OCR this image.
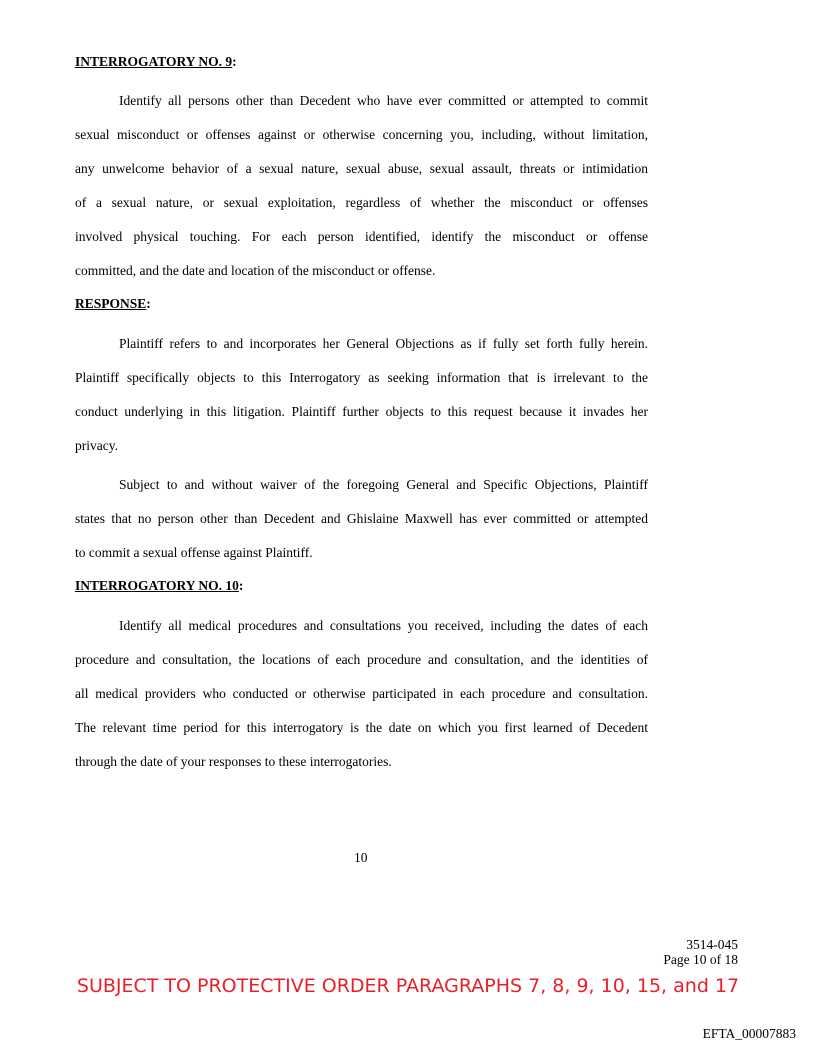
INTERROGATORY NO. 9:
Identify all persons other than Decedent who have ever committed or attempted to commit
sexual misconduct or offenses against or otherwise concerning you, including, without limitation,
any unwelcome behavior of a sexual nature, sexual abuse, sexual assault, threats or intimidation
of a sexual nature, or sexual exploitation, regardless of whether the misconduct or offenses
involved physical touching. For each person identified, identify the misconduct or offense
committed, and the date and location of the misconduct or offense.
RESPONSE:
Plaintiff refers to and incorporates her General Objections as if fully set forth fully herein.
Plaintiff specifically objects to this Interrogatory as seeking information that is irrelevant to the
conduct underlying in this litigation. Plaintiff further objects to this request because it invades her
privacy.
Subject to and without waiver of the foregoing General and Specific Objections, Plaintiff
states that no person other than Decedent and Ghislaine Maxwell has ever committed or attempted
to commit a sexual offense against Plaintiff.
INTERROGATORY NO. 10:
Identify all medical procedures and consultations you received, including the dates of each
procedure and consultation, the locations of each procedure and consultation, and the identities of
all medical providers who conducted or otherwise participated in each procedure and consultation.
The relevant time period for this interrogatory is the date on which you first learned of Decedent
through the date of your responses to these interrogatories.
10
3514-045
Page 10 of 18
SUBJECT TO PROTECTIVE ORDER PARAGRAPHS 7, 8, 9, 10, 15, and 17
EFTA_00007883
